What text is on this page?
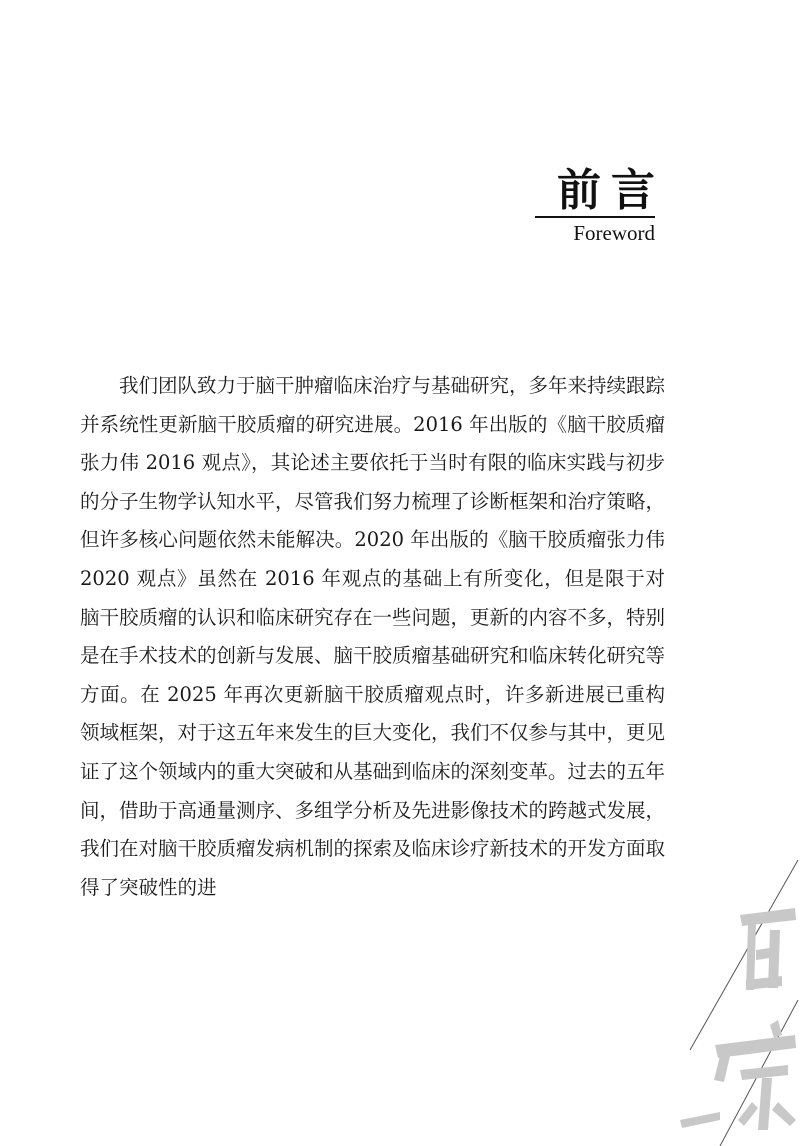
前言
Foreword

我们团队致力于脑干肿瘤临床治疗与基础研究，多年来持续跟踪并系统性更新脑干胶质瘤的研究进展。2016 年出版的《脑干胶质瘤张力伟 2016 观点》，其论述主要依托于当时有限的临床实践与初步的分子生物学认知水平，尽管我们努力梳理了诊断框架和治疗策略，但许多核心问题依然未能解决。2020 年出版的《脑干胶质瘤张力伟 2020 观点》虽然在 2016 年观点的基础上有所变化，但是限于对脑干胶质瘤的认识和临床研究存在一些问题，更新的内容不多，特别是在手术技术的创新与发展、脑干胶质瘤基础研究和临床转化研究等方面。在 2025 年再次更新脑干胶质瘤观点时，许多新进展已重构领域框架，对于这五年来发生的巨大变化，我们不仅参与其中，更见证了这个领域内的重大突破和从基础到临床的深刻变革。过去的五年间，借助于高通量测序、多组学分析及先进影像技术的跨越式发展，我们在对脑干胶质瘤发病机制的探索及临床诊疗新技术的开发方面取得了突破性的进
